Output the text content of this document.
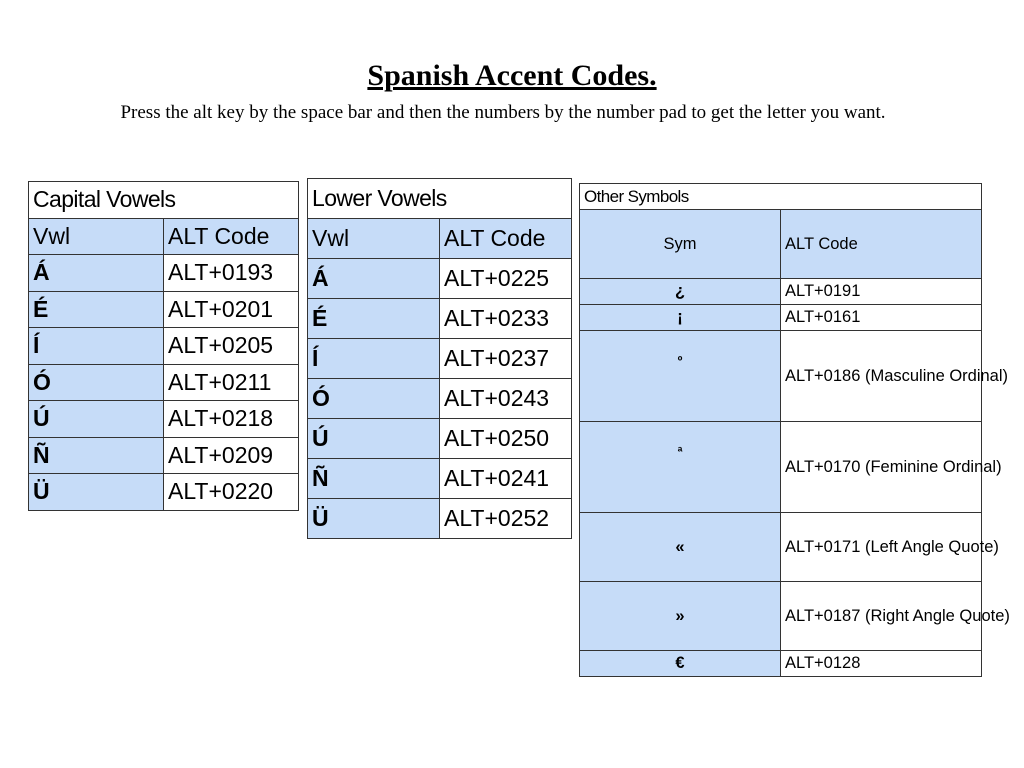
Spanish Accent Codes.

Press the alt key by the space bar and then the numbers by the number pad to get the letter you want.

Capital Vowels	
Vwl	ALT Code
Á	ALT+0193
É	ALT+0201
Í	ALT+0205
Ó	ALT+0211
Ú	ALT+0218
Ñ	ALT+0209
Ü	ALT+0220
Lower Vowels	
Vwl	ALT Code
Á	ALT+0225
É	ALT+0233
Í	ALT+0237
Ó	ALT+0243
Ú	ALT+0250
Ñ	ALT+0241
Ü	ALT+0252
Other Symbols	
Sym	ALT Code
¿	ALT+0191
¡	ALT+0161
º	ALT+0186 (Masculine Ordinal)
ª	ALT+0170 (Feminine Ordinal)
«	ALT+0171 (Left Angle Quote)
»	ALT+0187 (Right Angle Quote)
€	ALT+0128
